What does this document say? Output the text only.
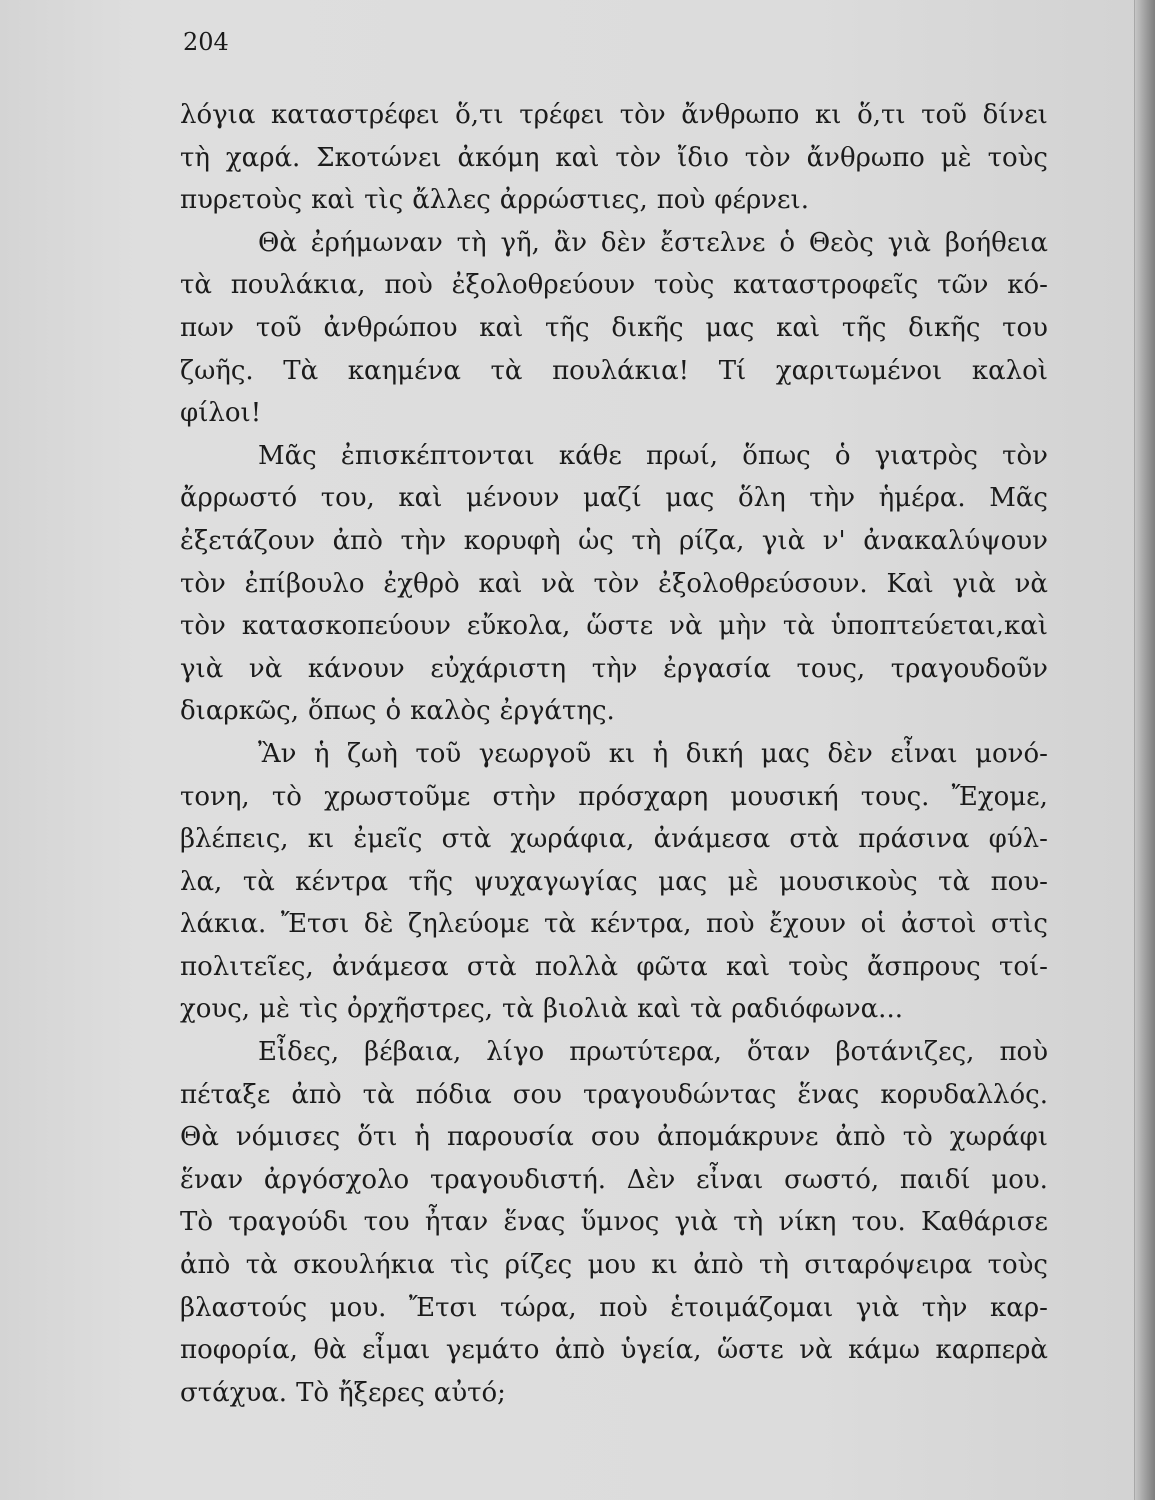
204

λόγια καταστρέφει ὅ,τι τρέφει τὸν ἄνθρωπο κι ὅ,τι τοῦ δίνει
τὴ χαρά. Σκοτώνει ἀκόμη καὶ τὸν ἴδιο τὸν ἄνθρωπο μὲ τοὺς
πυρετοὺς καὶ τὶς ἄλλες ἀρρώστιες, ποὺ φέρνει.
Θὰ ἐρήμωναν τὴ γῆ, ἂν δὲν ἔστελνε ὁ Θεὸς γιὰ βοήθεια
τὰ πουλάκια, ποὺ ἐξολοθρεύουν τοὺς καταστροφεῖς τῶν κό-
πων τοῦ ἀνθρώπου καὶ τῆς δικῆς μας καὶ τῆς δικῆς του
ζωῆς. Τὰ καημένα τὰ πουλάκια! Τί χαριτωμένοι καλοὶ
φίλοι!
Μᾶς ἐπισκέπτονται κάθε πρωί, ὅπως ὁ γιατρὸς τὸν
ἄρρωστό του, καὶ μένουν μαζί μας ὅλη τὴν ἡμέρα. Μᾶς
ἐξετάζουν ἀπὸ τὴν κορυφὴ ὡς τὴ ρίζα, γιὰ ν' ἀνακαλύψουν
τὸν ἐπίβουλο ἐχθρὸ καὶ νὰ τὸν ἐξολοθρεύσουν. Καὶ γιὰ νὰ
τὸν κατασκοπεύουν εὔκολα, ὥστε νὰ μὴν τὰ ὑποπτεύεται,καὶ
γιὰ νὰ κάνουν εὐχάριστη τὴν ἐργασία τους, τραγουδοῦν
διαρκῶς, ὅπως ὁ καλὸς ἐργάτης.
Ἂν ἡ ζωὴ τοῦ γεωργοῦ κι ἡ δική μας δὲν εἶναι μονό-
τονη, τὸ χρωστοῦμε στὴν πρόσχαρη μουσική τους. Ἔχομε,
βλέπεις, κι ἐμεῖς στὰ χωράφια, ἀνάμεσα στὰ πράσινα φύλ-
λα, τὰ κέντρα τῆς ψυχαγωγίας μας μὲ μουσικοὺς τὰ που-
λάκια. Ἔτσι δὲ ζηλεύομε τὰ κέντρα, ποὺ ἔχουν οἱ ἀστοὶ στὶς
πολιτεῖες, ἀνάμεσα στὰ πολλὰ φῶτα καὶ τοὺς ἄσπρους τοί-
χους, μὲ τὶς ὀρχῆστρες, τὰ βιολιὰ καὶ τὰ ραδιόφωνα...
Εἶδες, βέβαια, λίγο πρωτύτερα, ὅταν βοτάνιζες, ποὺ
πέταξε ἀπὸ τὰ πόδια σου τραγουδώντας ἕνας κορυδαλλός.
Θὰ νόμισες ὅτι ἡ παρουσία σου ἀπομάκρυνε ἀπὸ τὸ χωράφι
ἕναν ἀργόσχολο τραγουδιστή. Δὲν εἶναι σωστό, παιδί μου.
Τὸ τραγούδι του ἦταν ἕνας ὕμνος γιὰ τὴ νίκη του. Καθάρισε
ἀπὸ τὰ σκουλήκια τὶς ρίζες μου κι ἀπὸ τὴ σιταρόψειρα τοὺς
βλαστούς μου. Ἔτσι τώρα, ποὺ ἑτοιμάζομαι γιὰ τὴν καρ-
ποφορία, θὰ εἶμαι γεμάτο ἀπὸ ὑγεία, ὥστε νὰ κάμω καρπερὰ
στάχυα. Τὸ ἤξερες αὐτό;
